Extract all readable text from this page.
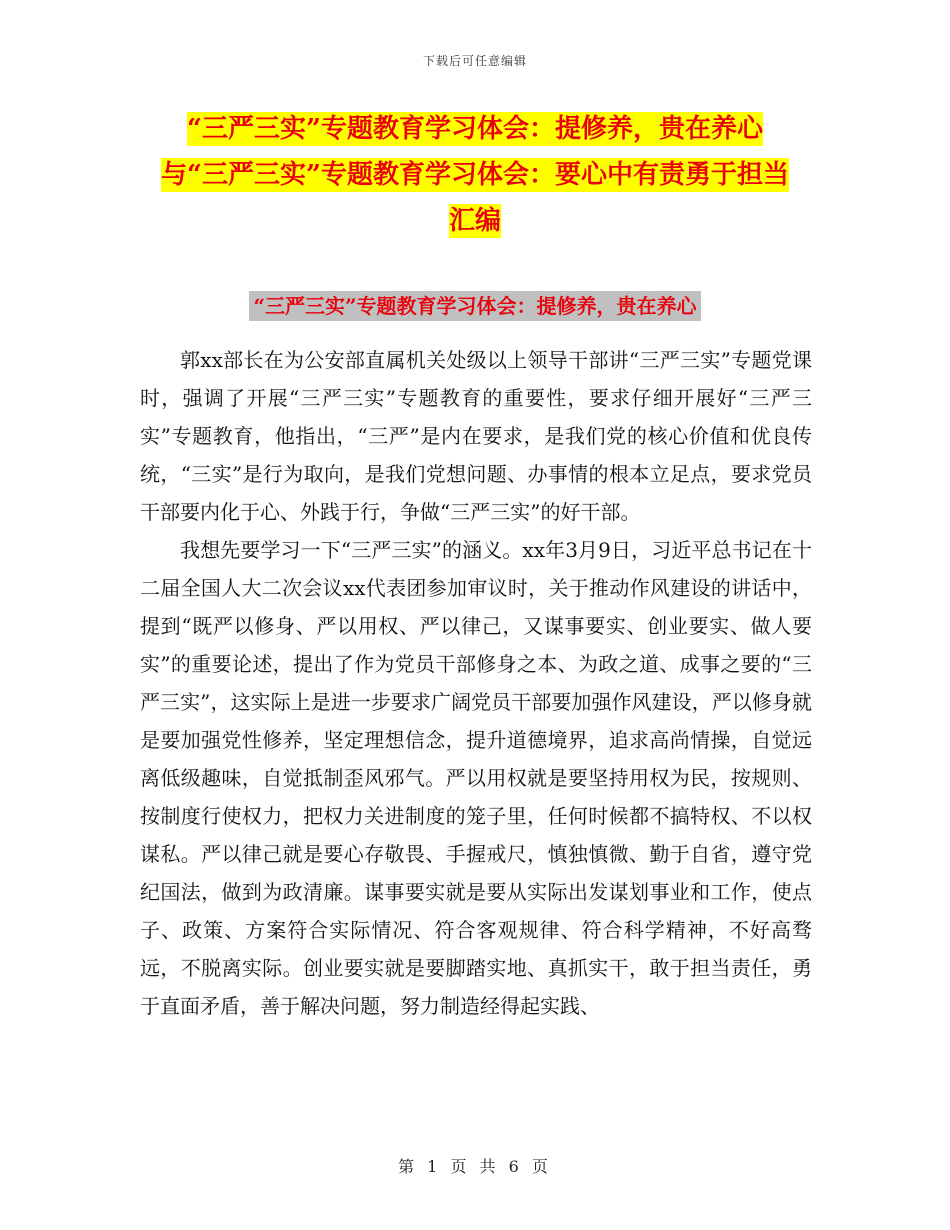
下载后可任意编辑
“三严三实”专题教育学习体会：提修养，贵在养心
与“三严三实”专题教育学习体会：要心中有责勇于担当
汇编
“三严三实”专题教育学习体会：提修养，贵在养心

郭xx部长在为公安部直属机关处级以上领导干部讲“三严三实”专题党课时，强调了开展“三严三实”专题教育的重要性，要求仔细开展好“三严三实”专题教育，他指出，“三严”是内在要求，是我们党的核心价值和优良传统，“三实”是行为取向，是我们党想问题、办事情的根本立足点，要求党员干部要内化于心、外践于行，争做“三严三实”的好干部。

我想先要学习一下“三严三实”的涵义。xx年3月9日，习近平总书记在十二届全国人大二次会议xx代表团参加审议时，关于推动作风建设的讲话中，提到“既严以修身、严以用权、严以律己，又谋事要实、创业要实、做人要实”的重要论述，提出了作为党员干部修身之本、为政之道、成事之要的“三严三实”，这实际上是进一步要求广阔党员干部要加强作风建设，严以修身就是要加强党性修养，坚定理想信念，提升道德境界，追求高尚情操，自觉远离低级趣味，自觉抵制歪风邪气。严以用权就是要坚持用权为民，按规则、按制度行使权力，把权力关进制度的笼子里，任何时候都不搞特权、不以权谋私。严以律己就是要心存敬畏、手握戒尺，慎独慎微、勤于自省，遵守党纪国法，做到为政清廉。谋事要实就是要从实际出发谋划事业和工作，使点子、政策、方案符合实际情况、符合客观规律、符合科学精神，不好高骛远，不脱离实际。创业要实就是要脚踏实地、真抓实干，敢于担当责任，勇于直面矛盾，善于解决问题，努力制造经得起实践、

第 1 页 共 6 页
